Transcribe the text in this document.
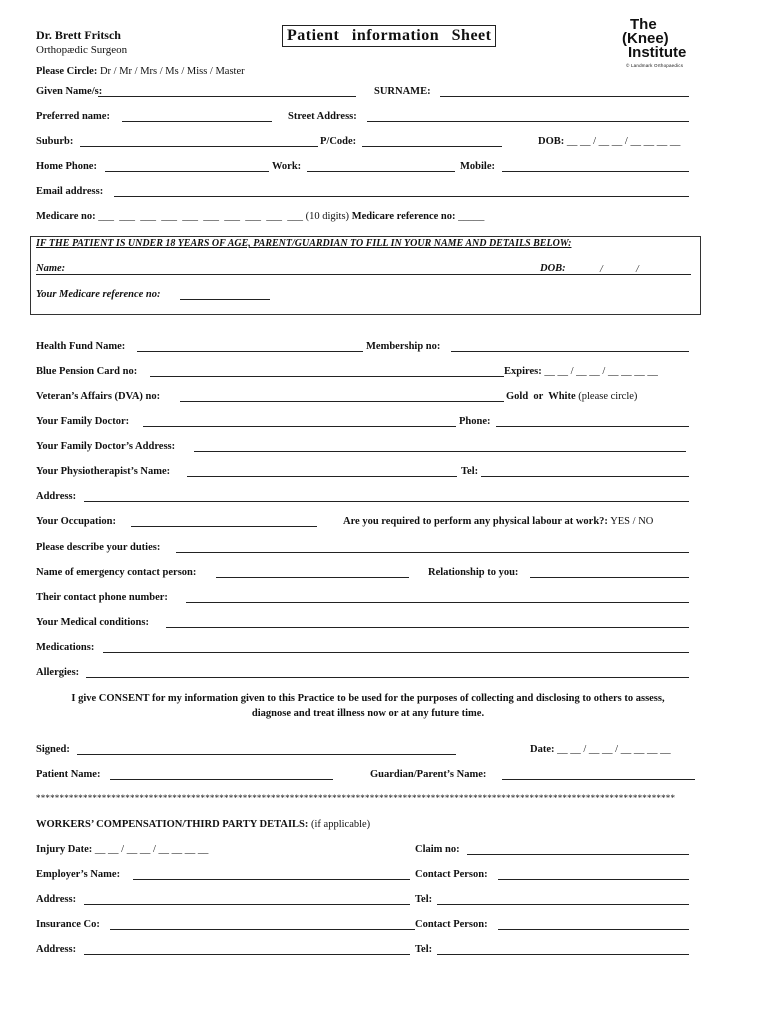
Dr. Brett Fritsch
Orthopædic Surgeon
Patient information Sheet
The
(Knee)
Institute
© Landmark Orthopaedics
Please Circle: Dr / Mr / Mrs / Ms / Miss / Master
Given Name/s:	SURNAME:
Preferred name:	Street Address:
Suburb:	P/Code:	DOB: __ __ / __ __ / __ __ __ __
Home Phone:	Work:	Mobile:
Email address:
Medicare no: ___  ___  ___  ___  ___  ___  ___  ___  ___  ___ (10 digits) Medicare reference no: _____
IF THE PATIENT IS UNDER 18 YEARS OF AGE, PARENT/GUARDIAN TO FILL IN YOUR NAME AND DETAILS BELOW:
Name:	DOB:	/	/
Your Medicare reference no:
Health Fund Name:	Membership no:
Blue Pension Card no:	Expires: __ __ / __ __ / __ __ __ __
Veteran’s Affairs (DVA) no:	Gold  or  White (please circle)
Your Family Doctor:	Phone:
Your Family Doctor’s Address:
Your Physiotherapist’s Name:	Tel:
Address:
Your Occupation:	Are you required to perform any physical labour at work?: YES / NO
Please describe your duties:
Name of emergency contact person:	Relationship to you:
Their contact phone number:
Your Medical conditions:
Medications:
Allergies:
I give CONSENT for my information given to this Practice to be used for the purposes of collecting and disclosing to others to assess,
diagnose and treat illness now or at any future time.
Signed:	Date: __ __ / __ __ / __ __ __ __
Patient Name:	Guardian/Parent’s Name:
****************************************************************************************************************************************
WORKERS’ COMPENSATION/THIRD PARTY DETAILS: (if applicable)
Injury Date: __ __ / __ __ / __ __ __ __	Claim no:
Employer’s Name:	Contact Person:
Address:	Tel:
Insurance Co:	Contact Person:
Address:	Tel:
